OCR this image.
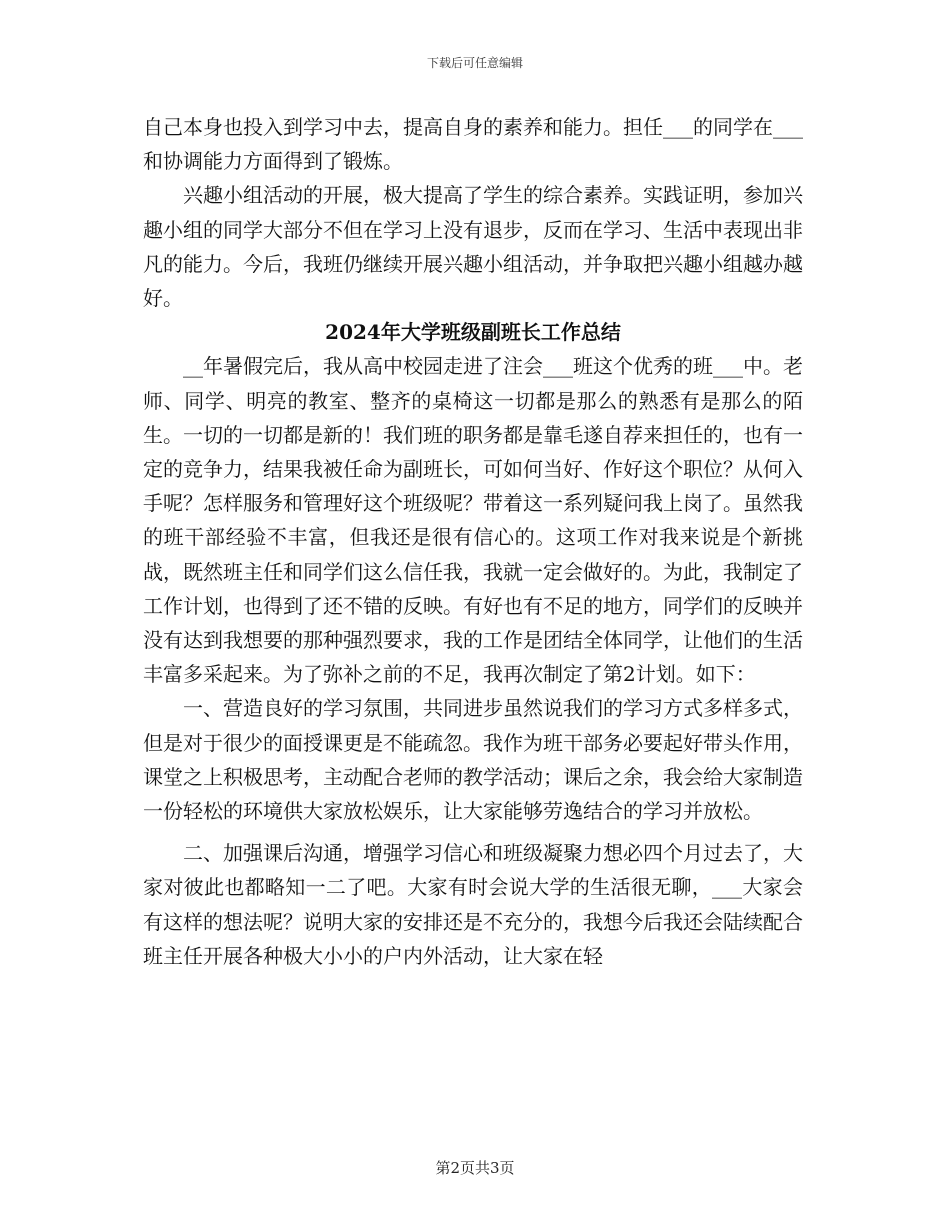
下载后可任意编辑

自己本身也投入到学习中去，提高自身的素养和能力。担任___的同学在___和协调能力方面得到了锻炼。

兴趣小组活动的开展，极大提高了学生的综合素养。实践证明，参加兴趣小组的同学大部分不但在学习上没有退步，反而在学习、生活中表现出非凡的能力。今后，我班仍继续开展兴趣小组活动，并争取把兴趣小组越办越好。

2024年大学班级副班长工作总结

__年暑假完后，我从高中校园走进了注会___班这个优秀的班___中。老师、同学、明亮的教室、整齐的桌椅这一切都是那么的熟悉有是那么的陌生。一切的一切都是新的！我们班的职务都是靠毛遂自荐来担任的，也有一定的竞争力，结果我被任命为副班长，可如何当好、作好这个职位？从何入手呢？怎样服务和管理好这个班级呢？带着这一系列疑问我上岗了。虽然我的班干部经验不丰富，但我还是很有信心的。这项工作对我来说是个新挑战，既然班主任和同学们这么信任我，我就一定会做好的。为此，我制定了工作计划，也得到了还不错的反映。有好也有不足的地方，同学们的反映并没有达到我想要的那种强烈要求，我的工作是团结全体同学，让他们的生活丰富多采起来。为了弥补之前的不足，我再次制定了第2计划。如下：

一、营造良好的学习氛围，共同进步虽然说我们的学习方式多样多式，但是对于很少的面授课更是不能疏忽。我作为班干部务必要起好带头作用，课堂之上积极思考，主动配合老师的教学活动；课后之余，我会给大家制造一份轻松的环境供大家放松娱乐，让大家能够劳逸结合的学习并放松。

二、加强课后沟通，增强学习信心和班级凝聚力想必四个月过去了，大家对彼此也都略知一二了吧。大家有时会说大学的生活很无聊，___大家会有这样的想法呢？说明大家的安排还是不充分的，我想今后我还会陆续配合班主任开展各种极大小小的户内外活动，让大家在轻

第2页共3页
